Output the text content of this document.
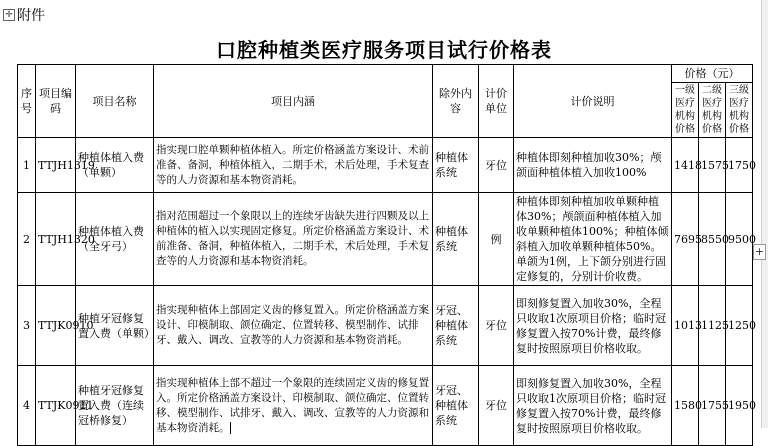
✛ 附件
口腔种植类医疗服务项目试行价格表
+
序号	项目编码	项目名称	项目内涵	除外内容	计价单位	计价说明	价格（元）		
							一级医疗机构价格	二级医疗机构价格	三级医疗机构价格
1	TTJH1319	种植体植入费（单颗）	指实现口腔单颗种植体植入。所定价格涵盖方案设计、术前准备、备洞，种植体植入，二期手术，术后处理，手术复查等的人力资源和基本物资消耗。	种植体系统	牙位	种植体即刻种植加收30%；颅颌面种植体植入加收100%	1418	1575	1750
2	TTJH1320	种植体植入费（全牙弓）	指对范围超过一个象限以上的连续牙齿缺失进行四颗及以上种植体的植入以实现固定修复。所定价格涵盖方案设计、术前准备、备洞，种植体植入，二期手术，术后处理，手术复查等的人力资源和基本物资消耗。	种植体系统	例	种植体即刻种植加收单颗种植体30%；颅颌面种植体植入加收单颗种植体100%；种植体倾斜植入加收单颗种植体50%。单颌为1例，上下颌分别进行固定修复的，分别计价收费。	7695	8550	9500
3	TTJK0910	种植牙冠修复置入费（单颗）	指实现种植体上部固定义齿的修复置入。所定价格涵盖方案设计、印模制取、颌位确定、位置转移、模型制作、试排牙、戴入、调改、宣教等的人力资源和基本物资消耗。	牙冠、种植体系统	牙位	即刻修复置入加收30%，全程只收取1次原项目价格；临时冠修复置入按70%计费，最终修复时按照原项目价格收取。	1013	1125	1250
4	TTJK0911	种植牙冠修复置入费（连续冠桥修复）	指实现种植体上部不超过一个象限的连续固定义齿的修复置入。所定价格涵盖方案设计、印模制取、颌位确定、位置转移、模型制作、试排牙、戴入、调改、宣教等的人力资源和基本物资消耗。	牙冠、种植体系统	牙位	即刻修复置入加收30%，全程只收取1次原项目价格；临时冠修复置入按70%计费，最终修复时按照原项目价格收取。	1580	1755	1950
